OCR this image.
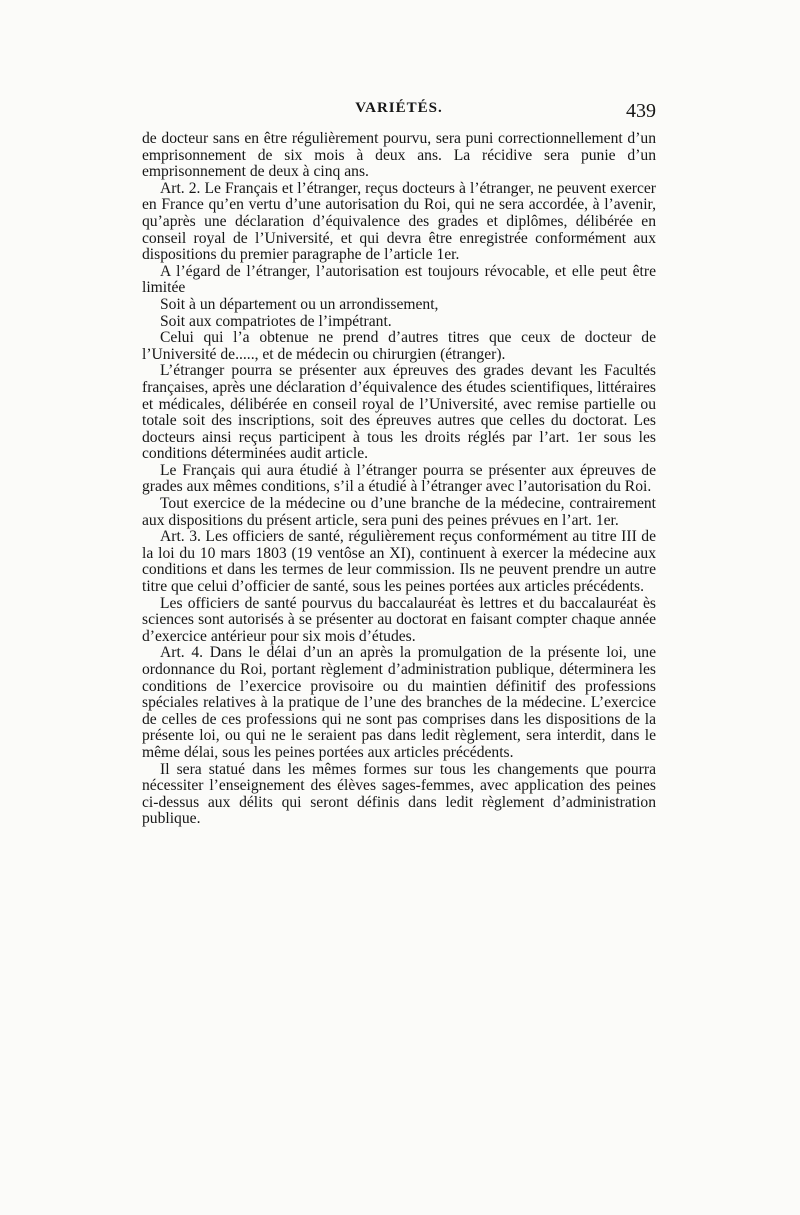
VARIÉTÉS.	439

de docteur sans en être régulièrement pourvu, sera puni correctionnellement d’un emprisonnement de six mois à deux ans. La récidive sera punie d’un emprisonnement de deux à cinq ans.

Art. 2. Le Français et l’étranger, reçus docteurs à l’étranger, ne peuvent exercer en France qu’en vertu d’une autorisation du Roi, qui ne sera accordée, à l’avenir, qu’après une déclaration d’équivalence des grades et diplômes, délibérée en conseil royal de l’Université, et qui devra être enregistrée conformément aux dispositions du premier paragraphe de l’article 1er.

A l’égard de l’étranger, l’autorisation est toujours révocable, et elle peut être limitée

Soit à un département ou un arrondissement,

Soit aux compatriotes de l’impétrant.

Celui qui l’a obtenue ne prend d’autres titres que ceux de docteur de l’Université de....., et de médecin ou chirurgien (étranger).

L’étranger pourra se présenter aux épreuves des grades devant les Facultés françaises, après une déclaration d’équivalence des études scientifiques, littéraires et médicales, délibérée en conseil royal de l’Université, avec remise partielle ou totale soit des inscriptions, soit des épreuves autres que celles du doctorat. Les docteurs ainsi reçus participent à tous les droits réglés par l’art. 1er sous les conditions déterminées audit article.

Le Français qui aura étudié à l’étranger pourra se présenter aux épreuves de grades aux mêmes conditions, s’il a étudié à l’étranger avec l’autorisation du Roi.

Tout exercice de la médecine ou d’une branche de la médecine, contrairement aux dispositions du présent article, sera puni des peines prévues en l’art. 1er.

Art. 3. Les officiers de santé, régulièrement reçus conformément au titre III de la loi du 10 mars 1803 (19 ventôse an XI), continuent à exercer la médecine aux conditions et dans les termes de leur commission. Ils ne peuvent prendre un autre titre que celui d’officier de santé, sous les peines portées aux articles précédents.

Les officiers de santé pourvus du baccalauréat ès lettres et du baccalauréat ès sciences sont autorisés à se présenter au doctorat en faisant compter chaque année d’exercice antérieur pour six mois d’études.

Art. 4. Dans le délai d’un an après la promulgation de la présente loi, une ordonnance du Roi, portant règlement d’administration publique, déterminera les conditions de l’exercice provisoire ou du maintien définitif des professions spéciales relatives à la pratique de l’une des branches de la médecine. L’exercice de celles de ces professions qui ne sont pas comprises dans les dispositions de la présente loi, ou qui ne le seraient pas dans ledit règlement, sera interdit, dans le même délai, sous les peines portées aux articles précédents.

Il sera statué dans les mêmes formes sur tous les changements que pourra nécessiter l’enseignement des élèves sages-femmes, avec application des peines ci-dessus aux délits qui seront définis dans ledit règlement d’administration publique.
